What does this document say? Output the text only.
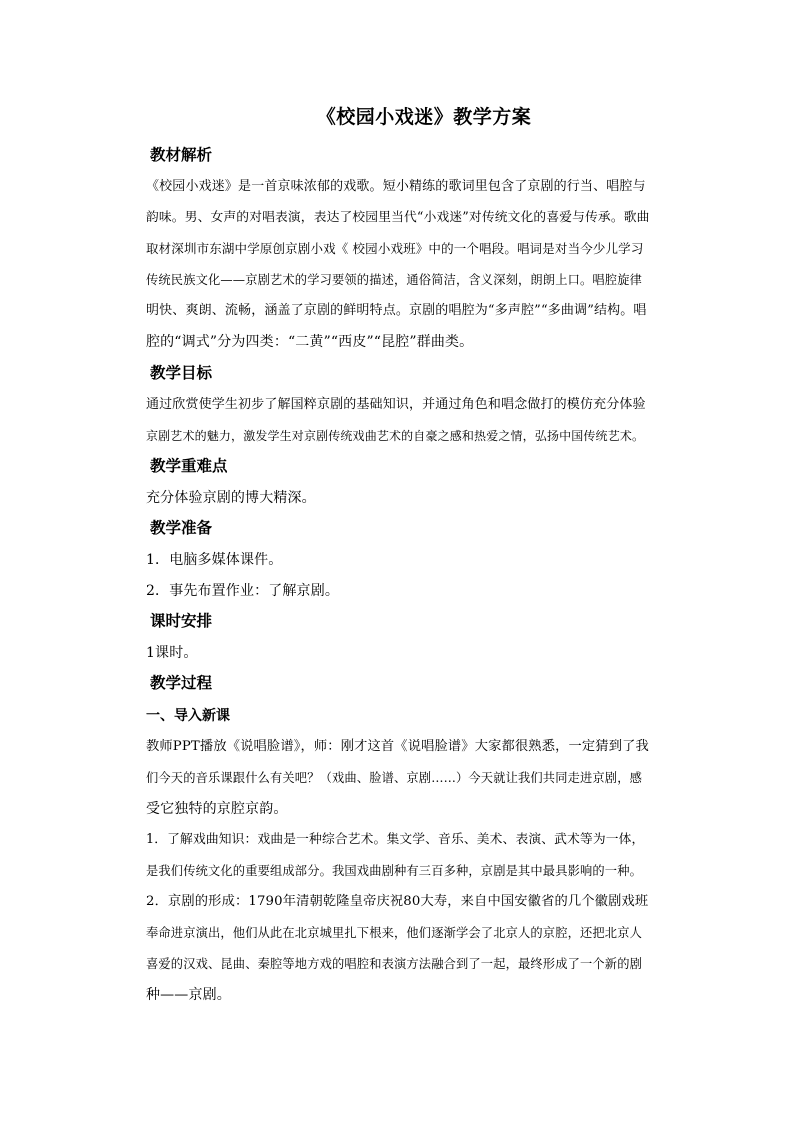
《校园小戏迷》教学方案
教材解析
《校园小戏迷》是一首京味浓郁的戏歌。短小精练的歌词里包含了京剧的行当、唱腔与
韵味。男、女声的对唱表演，表达了校园里当代“小戏迷”对传统文化的喜爱与传承。歌曲
取材深圳市东湖中学原创京剧小戏《 校园小戏班》中的一个唱段。唱词是对当今少儿学习
传统民族文化——京剧艺术的学习要领的描述，通俗简洁，含义深刻，朗朗上口。唱腔旋律
明快、爽朗、流畅，涵盖了京剧的鲜明特点。京剧的唱腔为“多声腔”“多曲调”结构。唱
腔的“调式”分为四类：“二黄”“西皮”“昆腔”群曲类。
教学目标
通过欣赏使学生初步了解国粹京剧的基础知识，并通过角色和唱念做打的模仿充分体验
京剧艺术的魅力，激发学生对京剧传统戏曲艺术的自豪之感和热爱之情，弘扬中国传统艺术。
教学重难点
充分体验京剧的博大精深。
教学准备
1．电脑多媒体课件。
2．事先布置作业：了解京剧。
课时安排
1课时。
教学过程
一、导入新课
教师PPT播放《说唱脸谱》，师：刚才这首《说唱脸谱》大家都很熟悉，一定猜到了我
们今天的音乐课跟什么有关吧？（戏曲、脸谱、京剧……）今天就让我们共同走进京剧，感
受它独特的京腔京韵。
1．了解戏曲知识：戏曲是一种综合艺术。集文学、音乐、美术、表演、武术等为一体，
是我们传统文化的重要组成部分。我国戏曲剧种有三百多种，京剧是其中最具影响的一种。
2．京剧的形成：1790年清朝乾隆皇帝庆祝80大寿，来自中国安徽省的几个徽剧戏班
奉命进京演出，他们从此在北京城里扎下根来，他们逐渐学会了北京人的京腔，还把北京人
喜爱的汉戏、昆曲、秦腔等地方戏的唱腔和表演方法融合到了一起，最终形成了一个新的剧
种——京剧。
